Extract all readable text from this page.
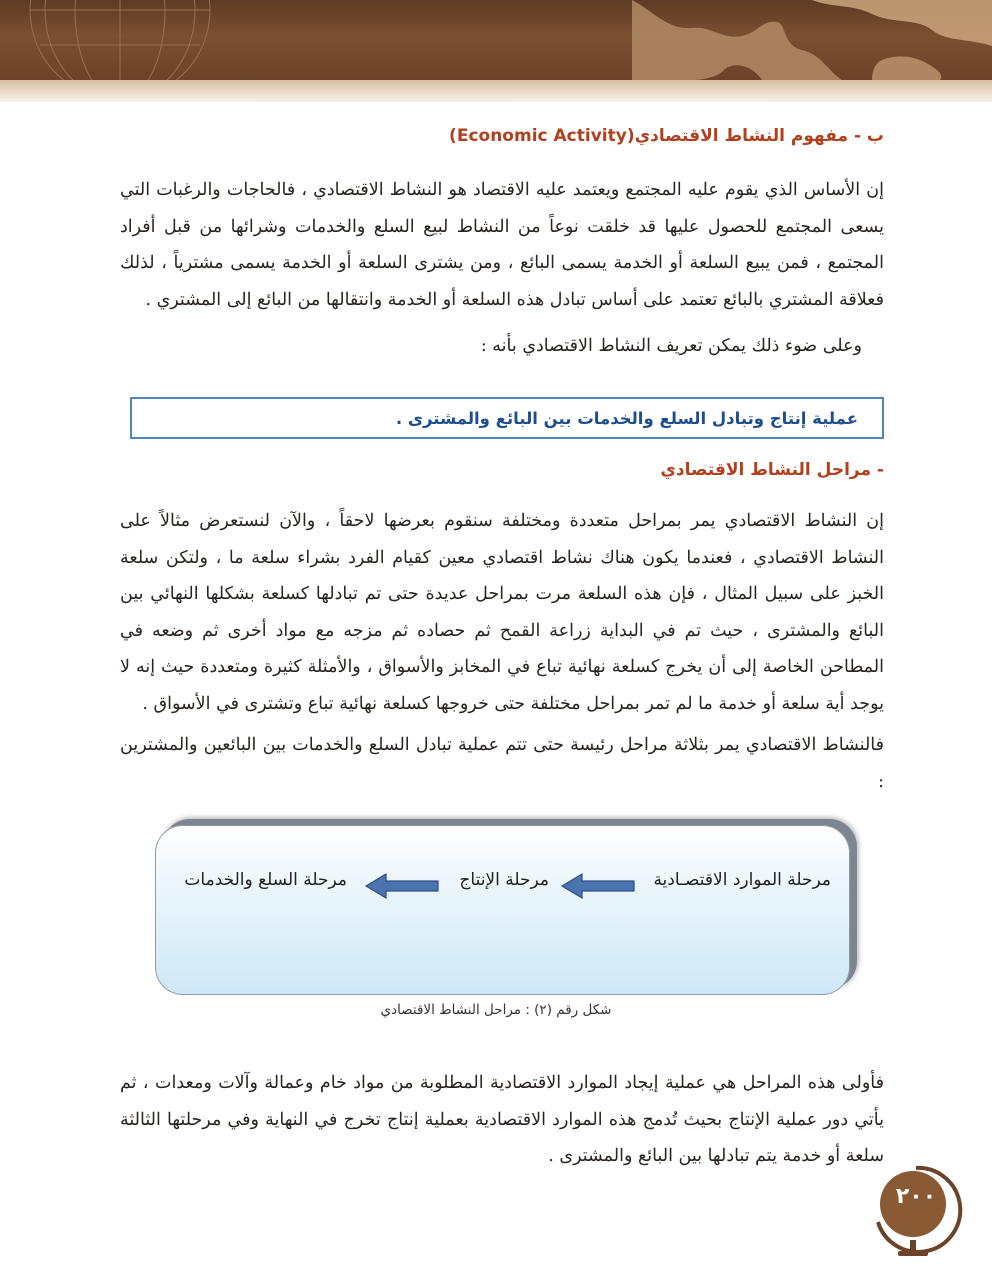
ب - مفهوم النشاط الاقتصادي(Economic Activity)

إن الأساس الذي يقوم عليه المجتمع ويعتمد عليه الاقتصاد هو النشاط الاقتصادي ، فالحاجات والرغبات التي يسعى المجتمع للحصول عليها قد خلقت نوعاً من النشاط لبيع السلع والخدمات وشرائها من قبل أفراد المجتمع ، فمن يبيع السلعة أو الخدمة يسمى البائع ، ومن يشترى السلعة أو الخدمة يسمى مشترياً ، لذلك فعلاقة المشتري بالبائع تعتمد على أساس تبادل هذه السلعة أو الخدمة وانتقالها من البائع إلى المشتري .

وعلى ضوء ذلك يمكن تعريف النشاط الاقتصادي بأنه :
عملية إنتاج وتبادل السلع والخدمات بين البائع والمشترى .
- مراحل النشاط الاقتصادي

إن النشاط الاقتصادي يمر بمراحل متعددة ومختلفة سنقوم بعرضها لاحقاً ، والآن لنستعرض مثالاً على النشاط الاقتصادي ، فعندما يكون هناك نشاط اقتصادي معين كقيام الفرد بشراء سلعة ما ، ولتكن سلعة الخبز على سبيل المثال ، فإن هذه السلعة مرت بمراحل عديدة حتى تم تبادلها كسلعة بشكلها النهائي بين البائع والمشترى ، حيث تم في البداية زراعة القمح ثم حصاده ثم مزجه مع مواد أخرى ثم وضعه في المطاحن الخاصة إلى أن يخرج كسلعة نهائية تباع في المخابز والأسواق ، والأمثلة كثيرة ومتعددة حيث إنه لا يوجد أية سلعة أو خدمة ما لم تمر بمراحل مختلفة حتى خروجها كسلعة نهائية تباع وتشترى في الأسواق .

فالنشاط الاقتصادي يمر بثلاثة مراحل رئيسة حتى تتم عملية تبادل السلع والخدمات بين البائعين والمشترين :

مرحلة الموارد الاقتصـادية
مرحلة الإنتاج
مرحلة السلع والخدمات
شكل رقم (٢) : مراحل النشاط الاقتصادي

فأولى هذه المراحل هي عملية إيجاد الموارد الاقتصادية المطلوبة من مواد خام وعمالة وآلات ومعدات ، ثم يأتي دور عملية الإنتاج بحيث تُدمج هذه الموارد الاقتصادية بعملية إنتاج تخرج في النهاية وفي مرحلتها الثالثة سلعة أو خدمة يتم تبادلها بين البائع والمشترى .

٢٠٠
